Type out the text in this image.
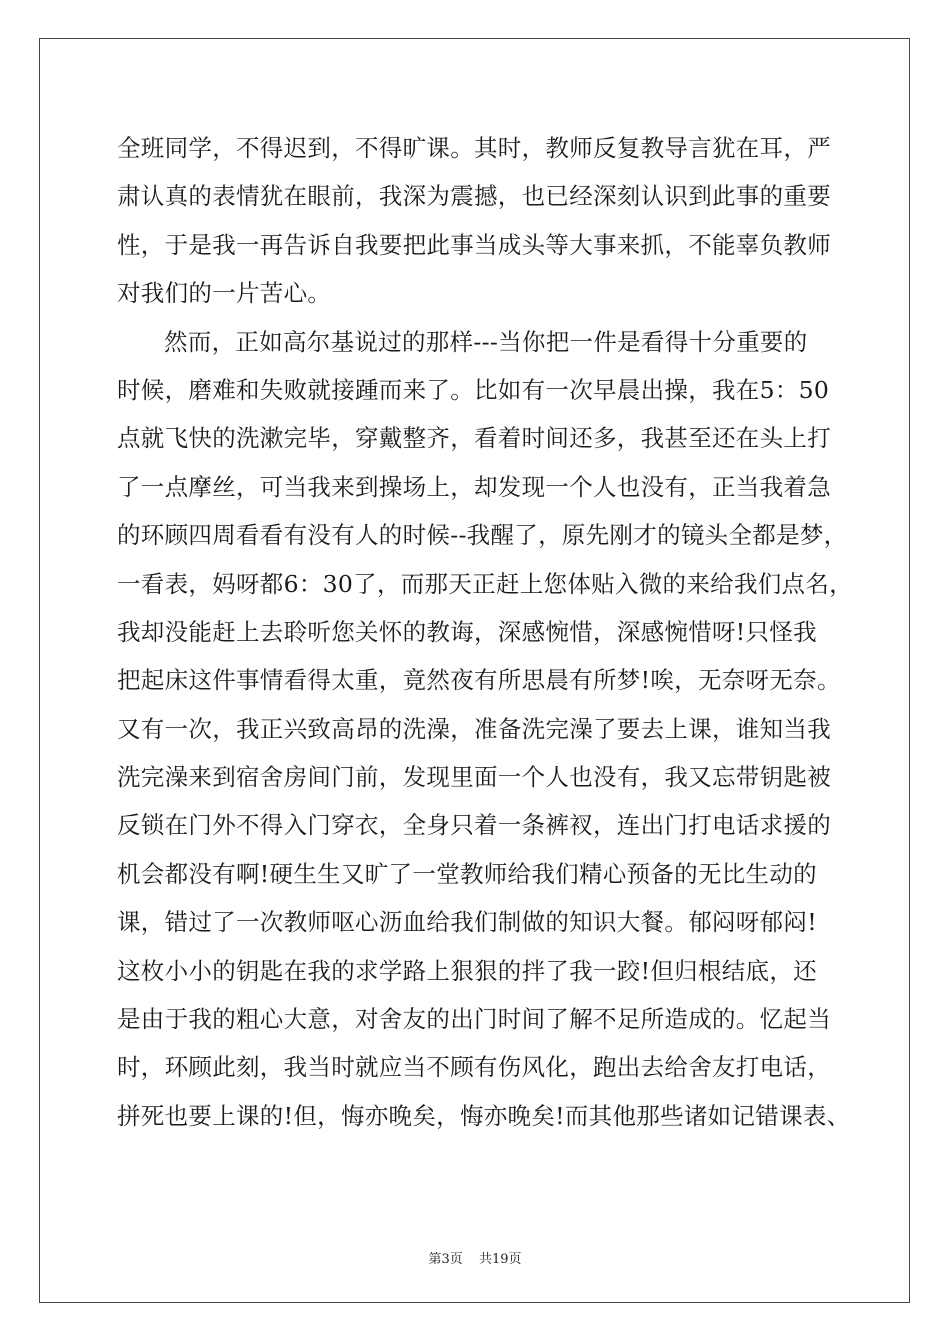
全班同学，不得迟到，不得旷课。其时，教师反复教导言犹在耳，严
肃认真的表情犹在眼前，我深为震撼，也已经深刻认识到此事的重要
性，于是我一再告诉自我要把此事当成头等大事来抓，不能辜负教师
对我们的一片苦心。
然而，正如高尔基说过的那样---当你把一件是看得十分重要的
时候，磨难和失败就接踵而来了。比如有一次早晨出操，我在5：50
点就飞快的洗漱完毕，穿戴整齐，看着时间还多，我甚至还在头上打
了一点摩丝，可当我来到操场上，却发现一个人也没有，正当我着急
的环顾四周看看有没有人的时候--我醒了，原先刚才的镜头全都是梦，
一看表，妈呀都6：30了，而那天正赶上您体贴入微的来给我们点名，
我却没能赶上去聆听您关怀的教诲，深感惋惜，深感惋惜呀!只怪我
把起床这件事情看得太重，竟然夜有所思晨有所梦!唉，无奈呀无奈。
又有一次，我正兴致高昂的洗澡，准备洗完澡了要去上课，谁知当我
洗完澡来到宿舍房间门前，发现里面一个人也没有，我又忘带钥匙被
反锁在门外不得入门穿衣，全身只着一条裤衩，连出门打电话求援的
机会都没有啊!硬生生又旷了一堂教师给我们精心预备的无比生动的
课，错过了一次教师呕心沥血给我们制做的知识大餐。郁闷呀郁闷!
这枚小小的钥匙在我的求学路上狠狠的拌了我一跤!但归根结底，还
是由于我的粗心大意，对舍友的出门时间了解不足所造成的。忆起当
时，环顾此刻，我当时就应当不顾有伤风化，跑出去给舍友打电话，
拼死也要上课的!但，悔亦晚矣，悔亦晚矣!而其他那些诸如记错课表、
第3页 共19页
